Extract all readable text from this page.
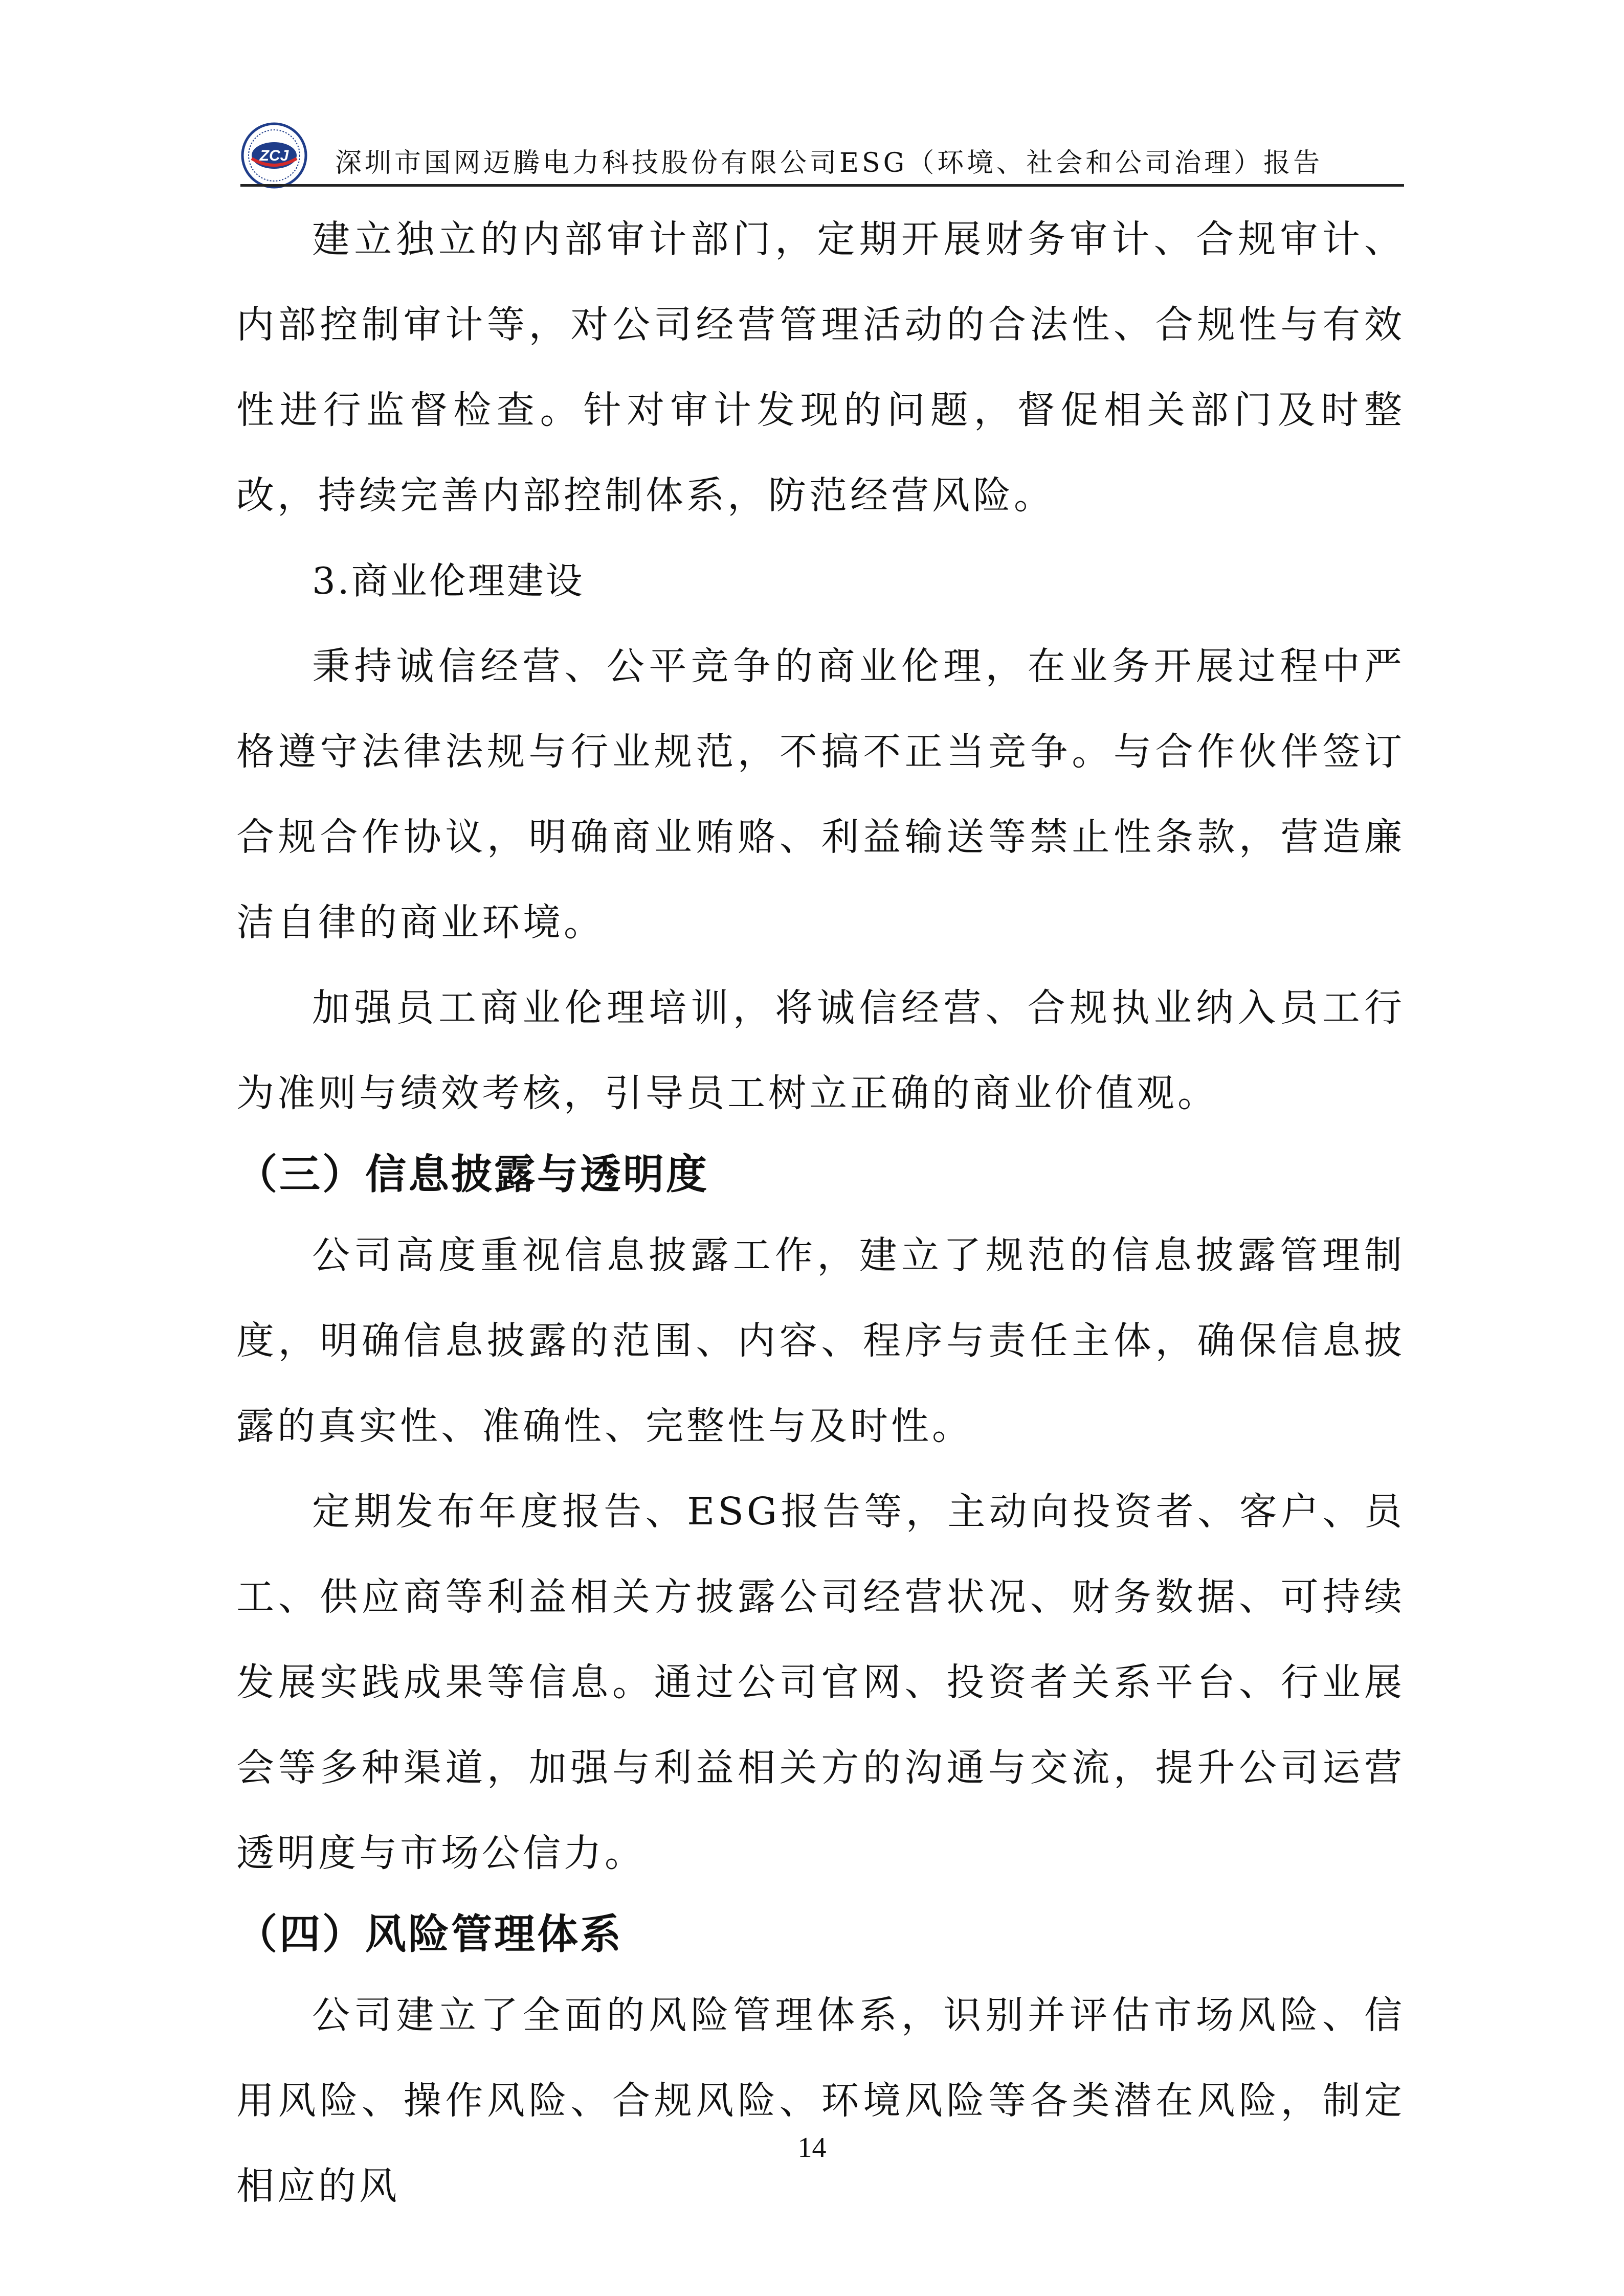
ZCJ 深圳市国网迈腾电力科技股份有限公司ESG（环境、社会和公司治理）报告

建立独立的内部审计部门，定期开展财务审计、合规审计、内部控制审计等，对公司经营管理活动的合法性、合规性与有效性进行监督检查。针对审计发现的问题，督促相关部门及时整改，持续完善内部控制体系，防范经营风险。

3.商业伦理建设

秉持诚信经营、公平竞争的商业伦理，在业务开展过程中严格遵守法律法规与行业规范，不搞不正当竞争。与合作伙伴签订合规合作协议，明确商业贿赂、利益输送等禁止性条款，营造廉洁自律的商业环境。

加强员工商业伦理培训，将诚信经营、合规执业纳入员工行为准则与绩效考核，引导员工树立正确的商业价值观。

（三）信息披露与透明度

公司高度重视信息披露工作，建立了规范的信息披露管理制度，明确信息披露的范围、内容、程序与责任主体，确保信息披露的真实性、准确性、完整性与及时性。

定期发布年度报告、ESG报告等，主动向投资者、客户、员工、供应商等利益相关方披露公司经营状况、财务数据、可持续发展实践成果等信息。通过公司官网、投资者关系平台、行业展会等多种渠道，加强与利益相关方的沟通与交流，提升公司运营透明度与市场公信力。

（四）风险管理体系

公司建立了全面的风险管理体系，识别并评估市场风险、信用风险、操作风险、合规风险、环境风险等各类潜在风险，制定相应的风

14
